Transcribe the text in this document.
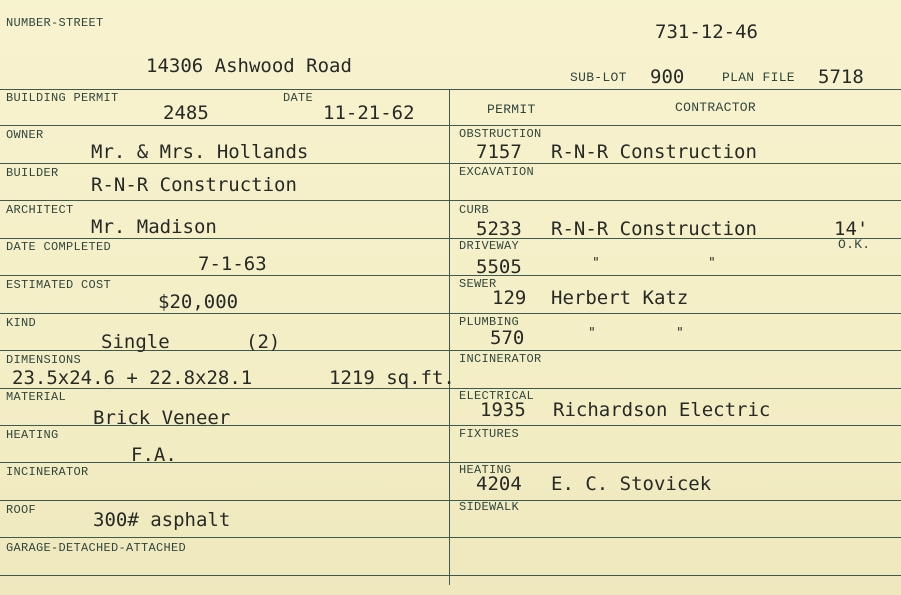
NUMBER-STREET
14306 Ashwood Road
731-12-46
SUB-LOT 900	PLAN FILE 5718
BUILDING PERMIT
2485
DATE
11-21-62
OWNER
Mr. & Mrs. Hollands
BUILDER
R-N-R Construction
ARCHITECT
Mr. Madison
DATE COMPLETED
7-1-63
ESTIMATED COST
$20,000
KIND
Single	(2)
DIMENSIONS
23.5x24.6 + 22.8x28.1	1219 sq.ft.
MATERIAL
Brick Veneer
HEATING
F.A.
INCINERATOR
ROOF	300# asphalt
GARAGE-DETACHED-ATTACHED
PERMIT	CONTRACTOR
OBSTRUCTION
7157 R-N-R Construction
EXCAVATION
CURB
5233 R-N-R Construction	14'
O.K.
DRIVEWAY
5505	"	"
SEWER
129 Herbert Katz
PLUMBING
570	"	"
INCINERATOR
ELECTRICAL
1935 Richardson Electric
FIXTURES
HEATING
4204 E. C. Stovicek
SIDEWALK
